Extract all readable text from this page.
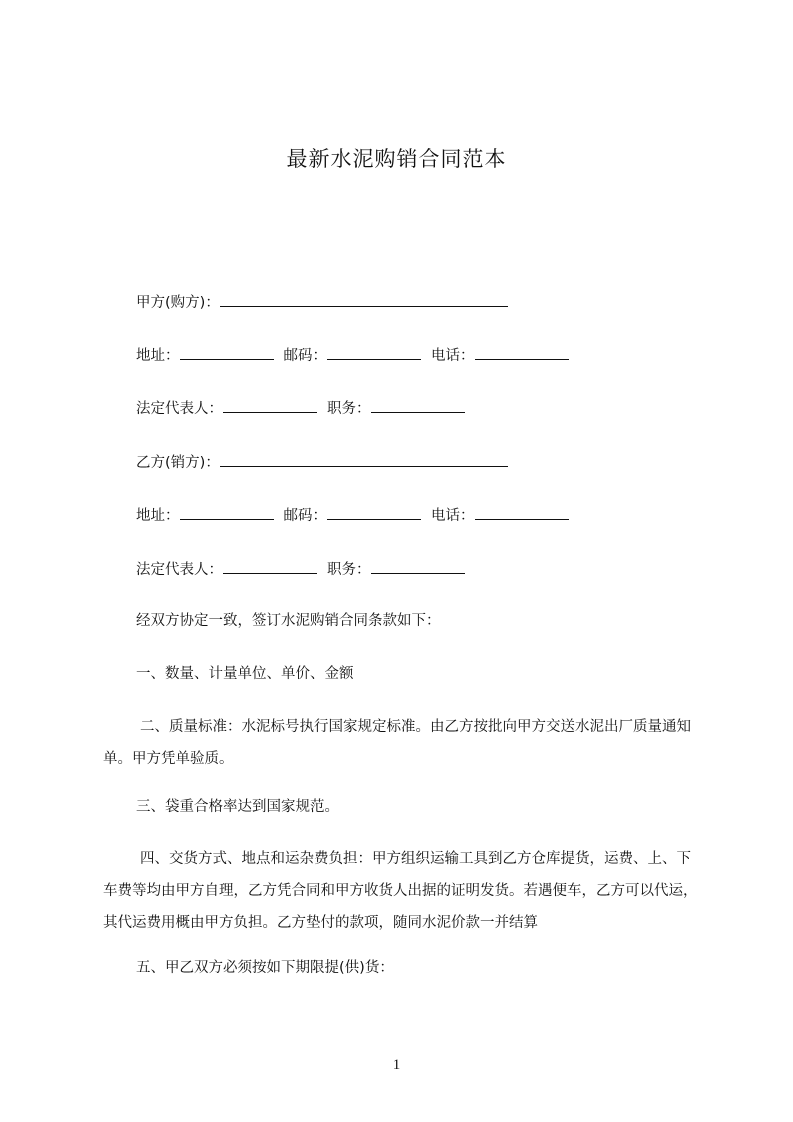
最新水泥购销合同范本
甲方(购方)：
地址：	邮码：	电话：
法定代表人：	职务：
乙方(销方)：
地址：	邮码：	电话：
法定代表人：	职务：
经双方协定一致，签订水泥购销合同条款如下：
一、数量、计量单位、单价、金额
二、质量标准：水泥标号执行国家规定标准。由乙方按批向甲方交送水泥出厂质量通知单。甲方凭单验质。
三、袋重合格率达到国家规范。
四、交货方式、地点和运杂费负担：甲方组织运输工具到乙方仓库提货，运费、上、下车费等均由甲方自理，乙方凭合同和甲方收货人出据的证明发货。若遇便车，乙方可以代运，其代运费用概由甲方负担。乙方垫付的款项，随同水泥价款一并结算
五、甲乙双方必须按如下期限提(供)货：
1
